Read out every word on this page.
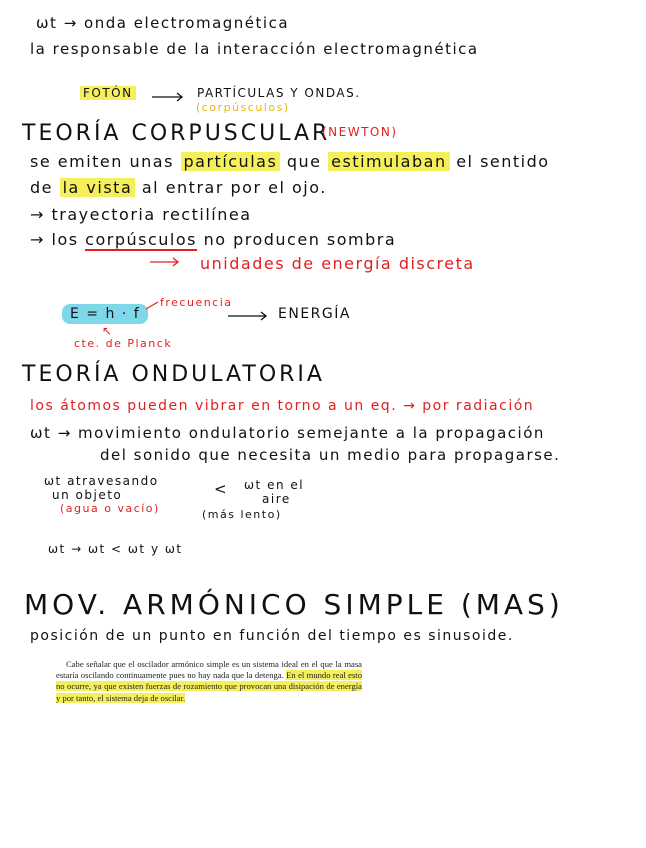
ωt → onda electromagnética
la responsable de la interacción electromagnética
FOTÓN	PARTÍCULAS Y ONDAS.
(corpúsculos)
TEORÍA CORPUSCULAR
(NEWTON)
se emiten unas partículas que estimulaban el sentido
de la vista al entrar por el ojo.
→ trayectoria rectilínea
→ los corpúsculos no producen sombra
unidades de energía discreta
E = h · f
frecuencia
ENERGÍA
↖
cte. de Planck
TEORÍA ONDULATORIA
los átomos pueden vibrar en torno a un eq. → por radiación
ωt → movimiento ondulatorio semejante a la propagación
del sonido que necesita un medio para propagarse.
ωt atravesando
un objeto
(agua o vacío)
< ωt en el
aire
(más lento)
ωt → ωt < ωt y ωt
MOV. ARMÓNICO SIMPLE (MAS)
posición de un punto en función del tiempo es sinusoide.
Cabe señalar que el oscilador armónico simple es un sistema ideal en el que la masa estaría oscilando continuamente pues no hay nada que la detenga. En el mundo real esto no ocurre, ya que existen fuerzas de rozamiento que provocan una disipación de energía y por tanto, el sistema deja de oscilar.
